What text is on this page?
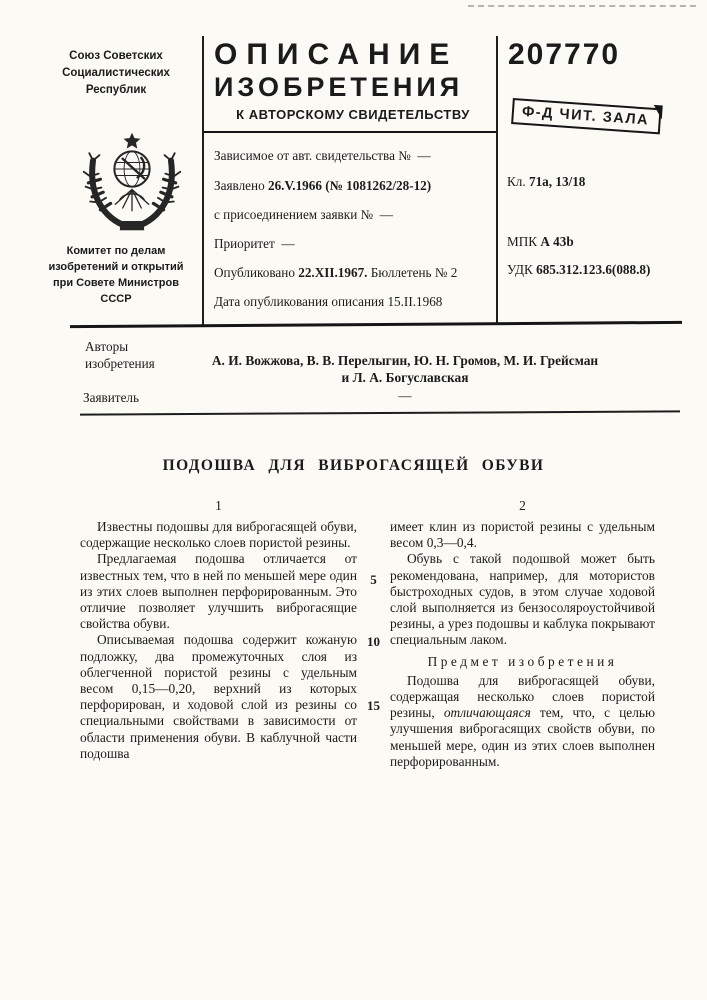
Союз Советских
Социалистических
Республик
Комитет по делам
изобретений и открытий
при Совете Министров
СССР
ОПИСАНИЕ
ИЗОБРЕТЕНИЯ
К АВТОРСКОМУ СВИДЕТЕЛЬСТВУ
Зависимое от авт. свидетельства № —
Заявлено 26.V.1966 (№ 1081262/28-12)
с присоединением заявки № —
Приоритет —
Опубликовано 22.XII.1967. Бюллетень № 2
Дата опубликования описания 15.II.1968
207770
Ф-Д ЧИТ. ЗАЛА
Кл. 71а, 13/18
МПК А 43b
УДК 685.312.123.6(088.8)
Авторы
изобретения	А. И. Вожжова, В. В. Перелыгин, Ю. Н. Громов, М. И. Грейсман
и Л. А. Богуславская
Заявитель	—
ПОДОШВА ДЛЯ ВИБРОГАСЯЩЕЙ ОБУВИ
1	2
5
10
15

Известны подошвы для виброгасящей обуви, содержащие несколько слоев пористой резины.

Предлагаемая подошва отличается от известных тем, что в ней по меньшей мере один из этих слоев выполнен перфорированным. Это отличие позволяет улучшить виброгасящие свойства обуви.

Описываемая подошва содержит кожаную подложку, два промежуточных слоя из облегченной пористой резины с удельным весом 0,15—0,20, верхний из которых перфорирован, и ходовой слой из резины со специальными свойствами в зависимости от области применения обуви. В каблучной части подошва

имеет клин из пористой резины с удельным весом 0,3—0,4.

Обувь с такой подошвой может быть рекомендована, например, для мотористов быстроходных судов, в этом случае ходовой слой выполняется из бензосоляроустойчивой резины, а урез подошвы и каблука покрывают специальным лаком.

Предмет изобретения

Подошва для виброгасящей обуви, содержащая несколько слоев пористой резины, отличающаяся тем, что, с целью улучшения виброгасящих свойств обуви, по меньшей мере, один из этих слоев выполнен перфорированным.
